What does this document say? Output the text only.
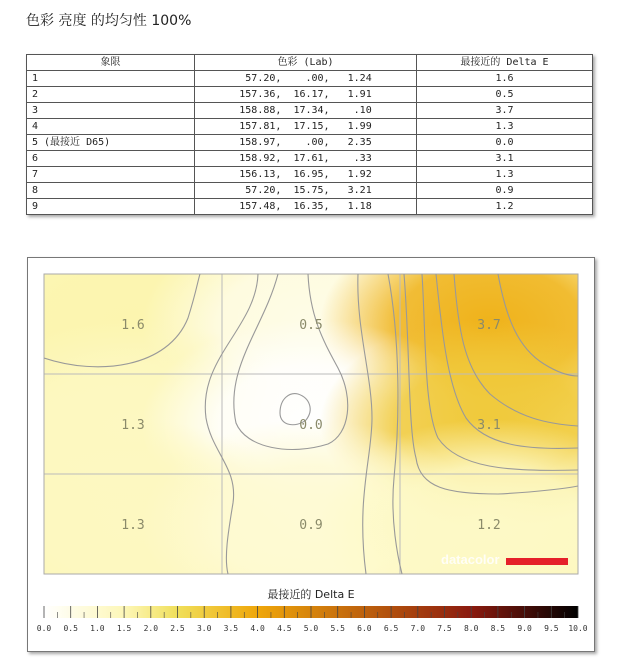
色彩 亮度 的均匀性 100%
象限	色彩 (Lab)	最接近的 Delta E
1	57.20,    .00,   1.24	1.6
2	157.36,  16.17,   1.91	0.5
3	158.88,  17.34,    .10	3.7
4	157.81,  17.15,   1.99	1.3
5 (最接近 D65)	158.97,    .00,   2.35	0.0
6	158.92,  17.61,    .33	3.1
7	156.13,  16.95,   1.92	1.3
8	57.20,  15.75,   3.21	0.9
9	157.48,  16.35,   1.18	1.2
1.6	0.5	3.7
1.3	0.0	3.1
1.3	0.9	1.2
datacolor
最接近的 Delta E
0.0 0.5 1.0 1.5 2.0 2.5 3.0 3.5 4.0 4.5 5.0 5.5 6.0 6.5 7.0 7.5 8.0 8.5 9.0 9.5 10.0
